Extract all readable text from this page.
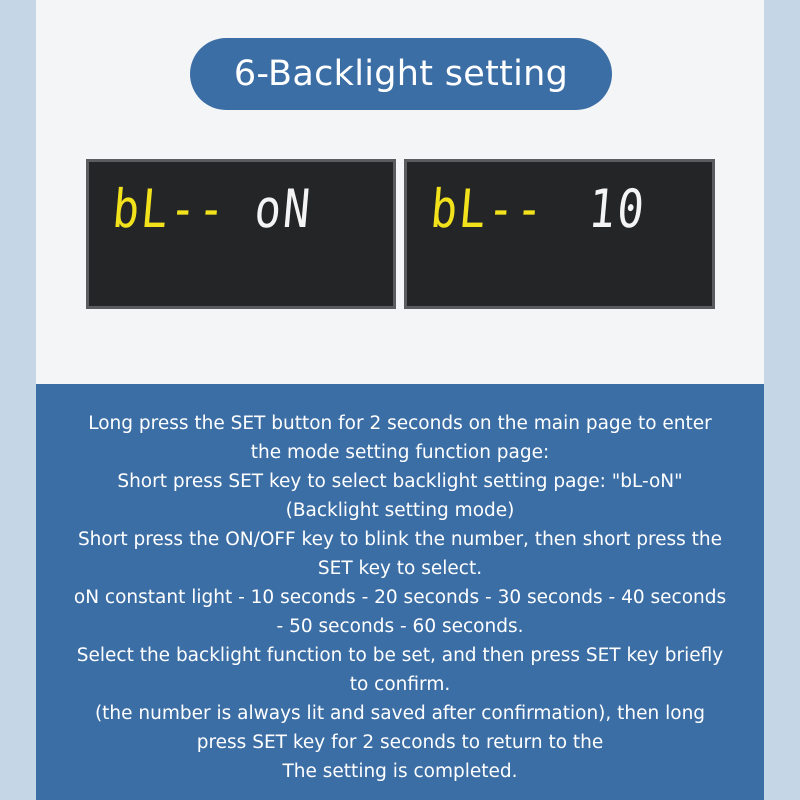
6-Backlight setting
bL-- oN	bL-- 10
Long press the SET button for 2 seconds on the main page to enter
the mode setting function page:
Short press SET key to select backlight setting page: "bL-oN"
(Backlight setting mode)
Short press the ON/OFF key to blink the number, then short press the
SET key to select.
oN constant light - 10 seconds - 20 seconds - 30 seconds - 40 seconds
- 50 seconds - 60 seconds.
Select the backlight function to be set, and then press SET key briefly
to confirm.
(the number is always lit and saved after confirmation), then long
press SET key for 2 seconds to return to the
The setting is completed.
